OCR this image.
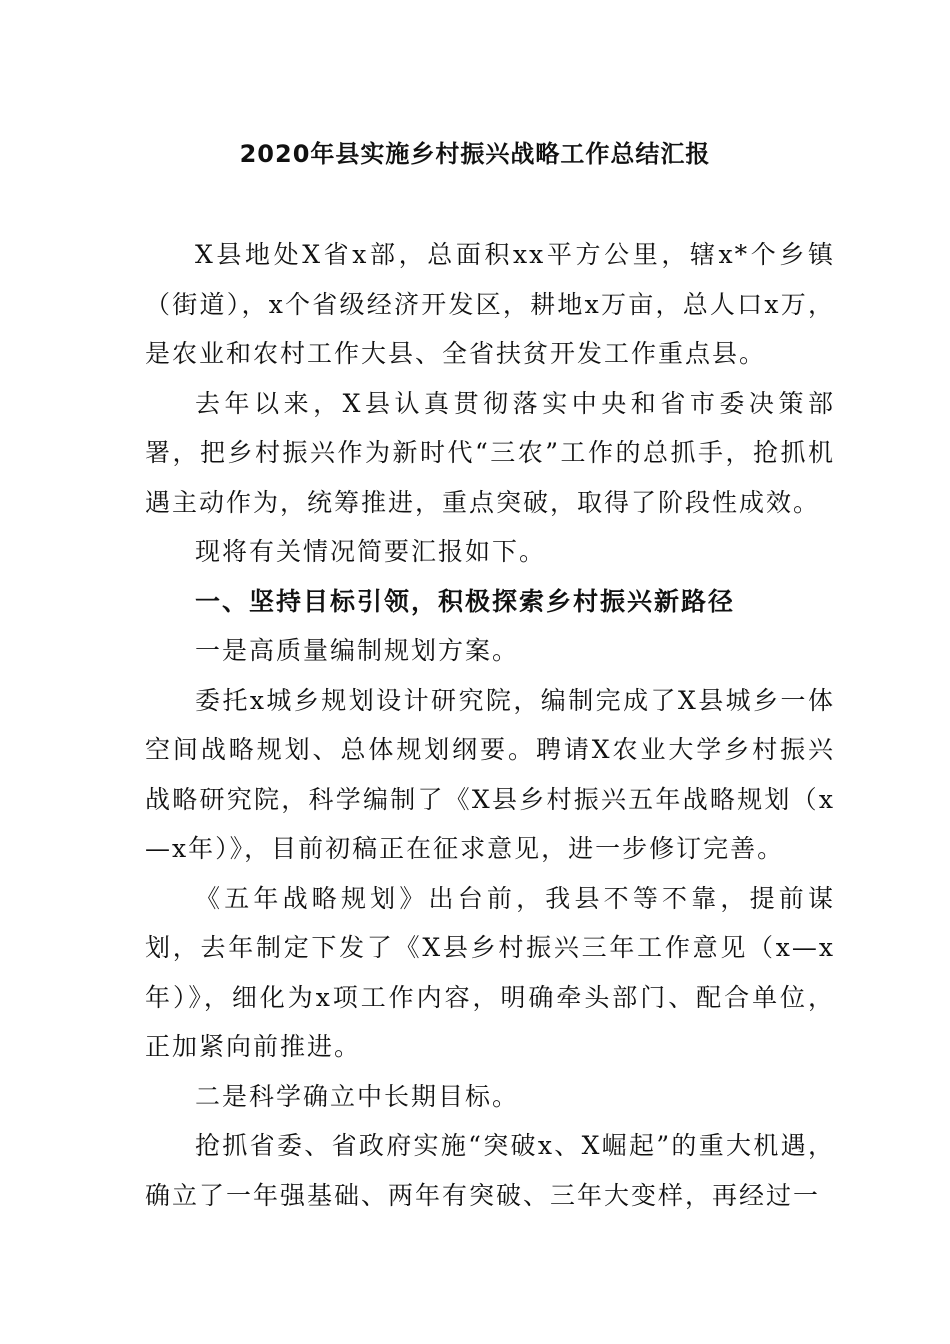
2020年县实施乡村振兴战略工作总结汇报

X县地处X省x部，总面积xx平方公里，辖x*个乡镇（街道），x个省级经济开发区，耕地x万亩，总人口x万，是农业和农村工作大县、全省扶贫开发工作重点县。

去年以来，X县认真贯彻落实中央和省市委决策部署，把乡村振兴作为新时代“三农”工作的总抓手，抢抓机遇主动作为，统筹推进，重点突破，取得了阶段性成效。

现将有关情况简要汇报如下。

一、坚持目标引领，积极探索乡村振兴新路径

一是高质量编制规划方案。

委托x城乡规划设计研究院，编制完成了X县城乡一体空间战略规划、总体规划纲要。聘请X农业大学乡村振兴战略研究院，科学编制了《X县乡村振兴五年战略规划（x—x年）》，目前初稿正在征求意见，进一步修订完善。

《五年战略规划》出台前，我县不等不靠，提前谋划，去年制定下发了《X县乡村振兴三年工作意见（x—x年）》，细化为x项工作内容，明确牵头部门、配合单位，正加紧向前推进。

二是科学确立中长期目标。

抢抓省委、省政府实施“突破x、X崛起”的重大机遇，确立了一年强基础、两年有突破、三年大变样，再经过一
